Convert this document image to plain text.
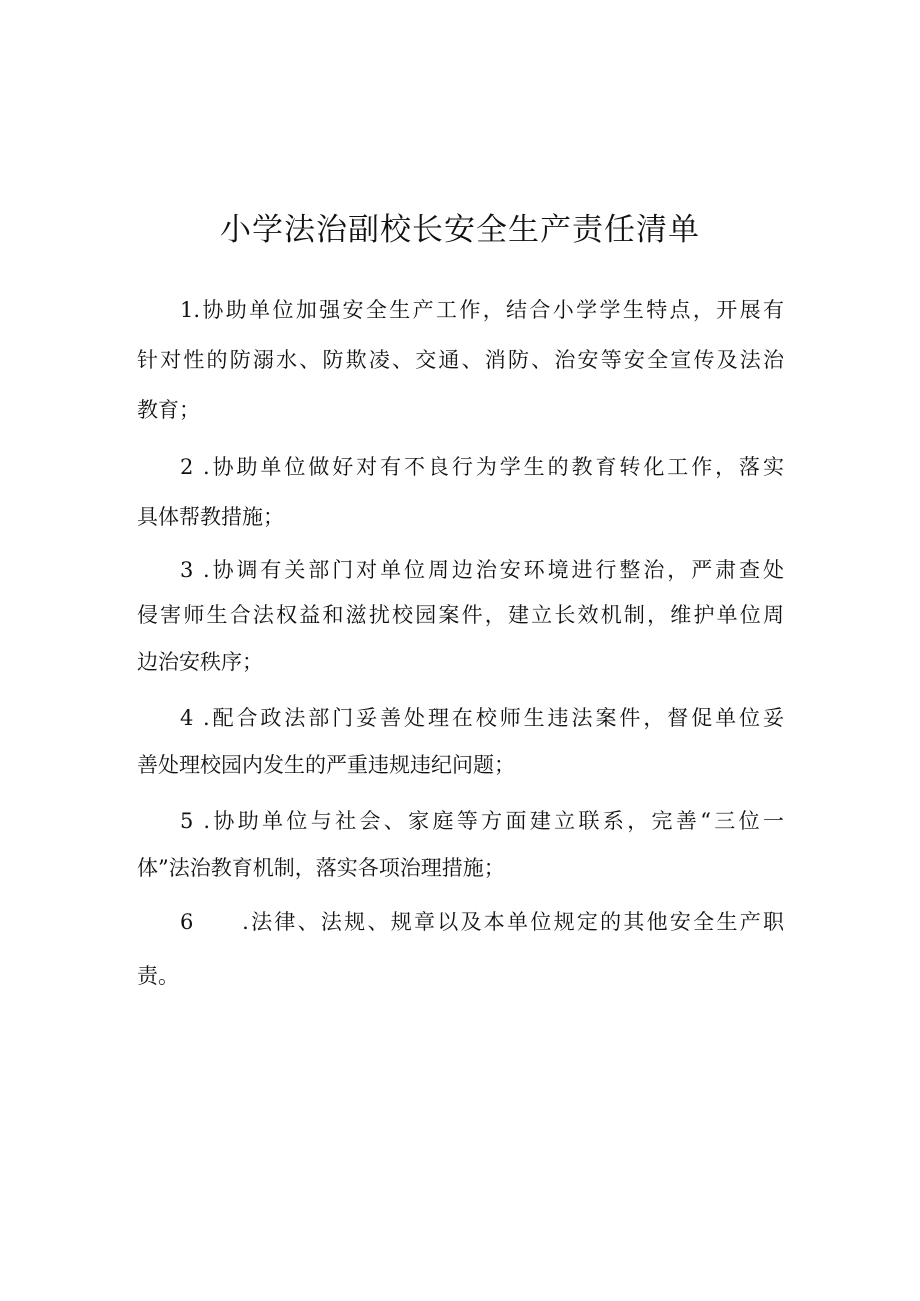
小学法治副校长安全生产责任清单
1.协助单位加强安全生产工作，结合小学学生特点，开展有
针对性的防溺水、防欺凌、交通、消防、治安等安全宣传及法治
教育；
2 .协助单位做好对有不良行为学生的教育转化工作，落实
具体帮教措施；
3 .协调有关部门对单位周边治安环境进行整治，严肃查处
侵害师生合法权益和滋扰校园案件，建立长效机制，维护单位周
边治安秩序；
4 .配合政法部门妥善处理在校师生违法案件，督促单位妥
善处理校园内发生的严重违规违纪问题；
5 .协助单位与社会、家庭等方面建立联系，完善“三位一
体”法治教育机制，落实各项治理措施；
6　　.法律、法规、规章以及本单位规定的其他安全生产职
责。
